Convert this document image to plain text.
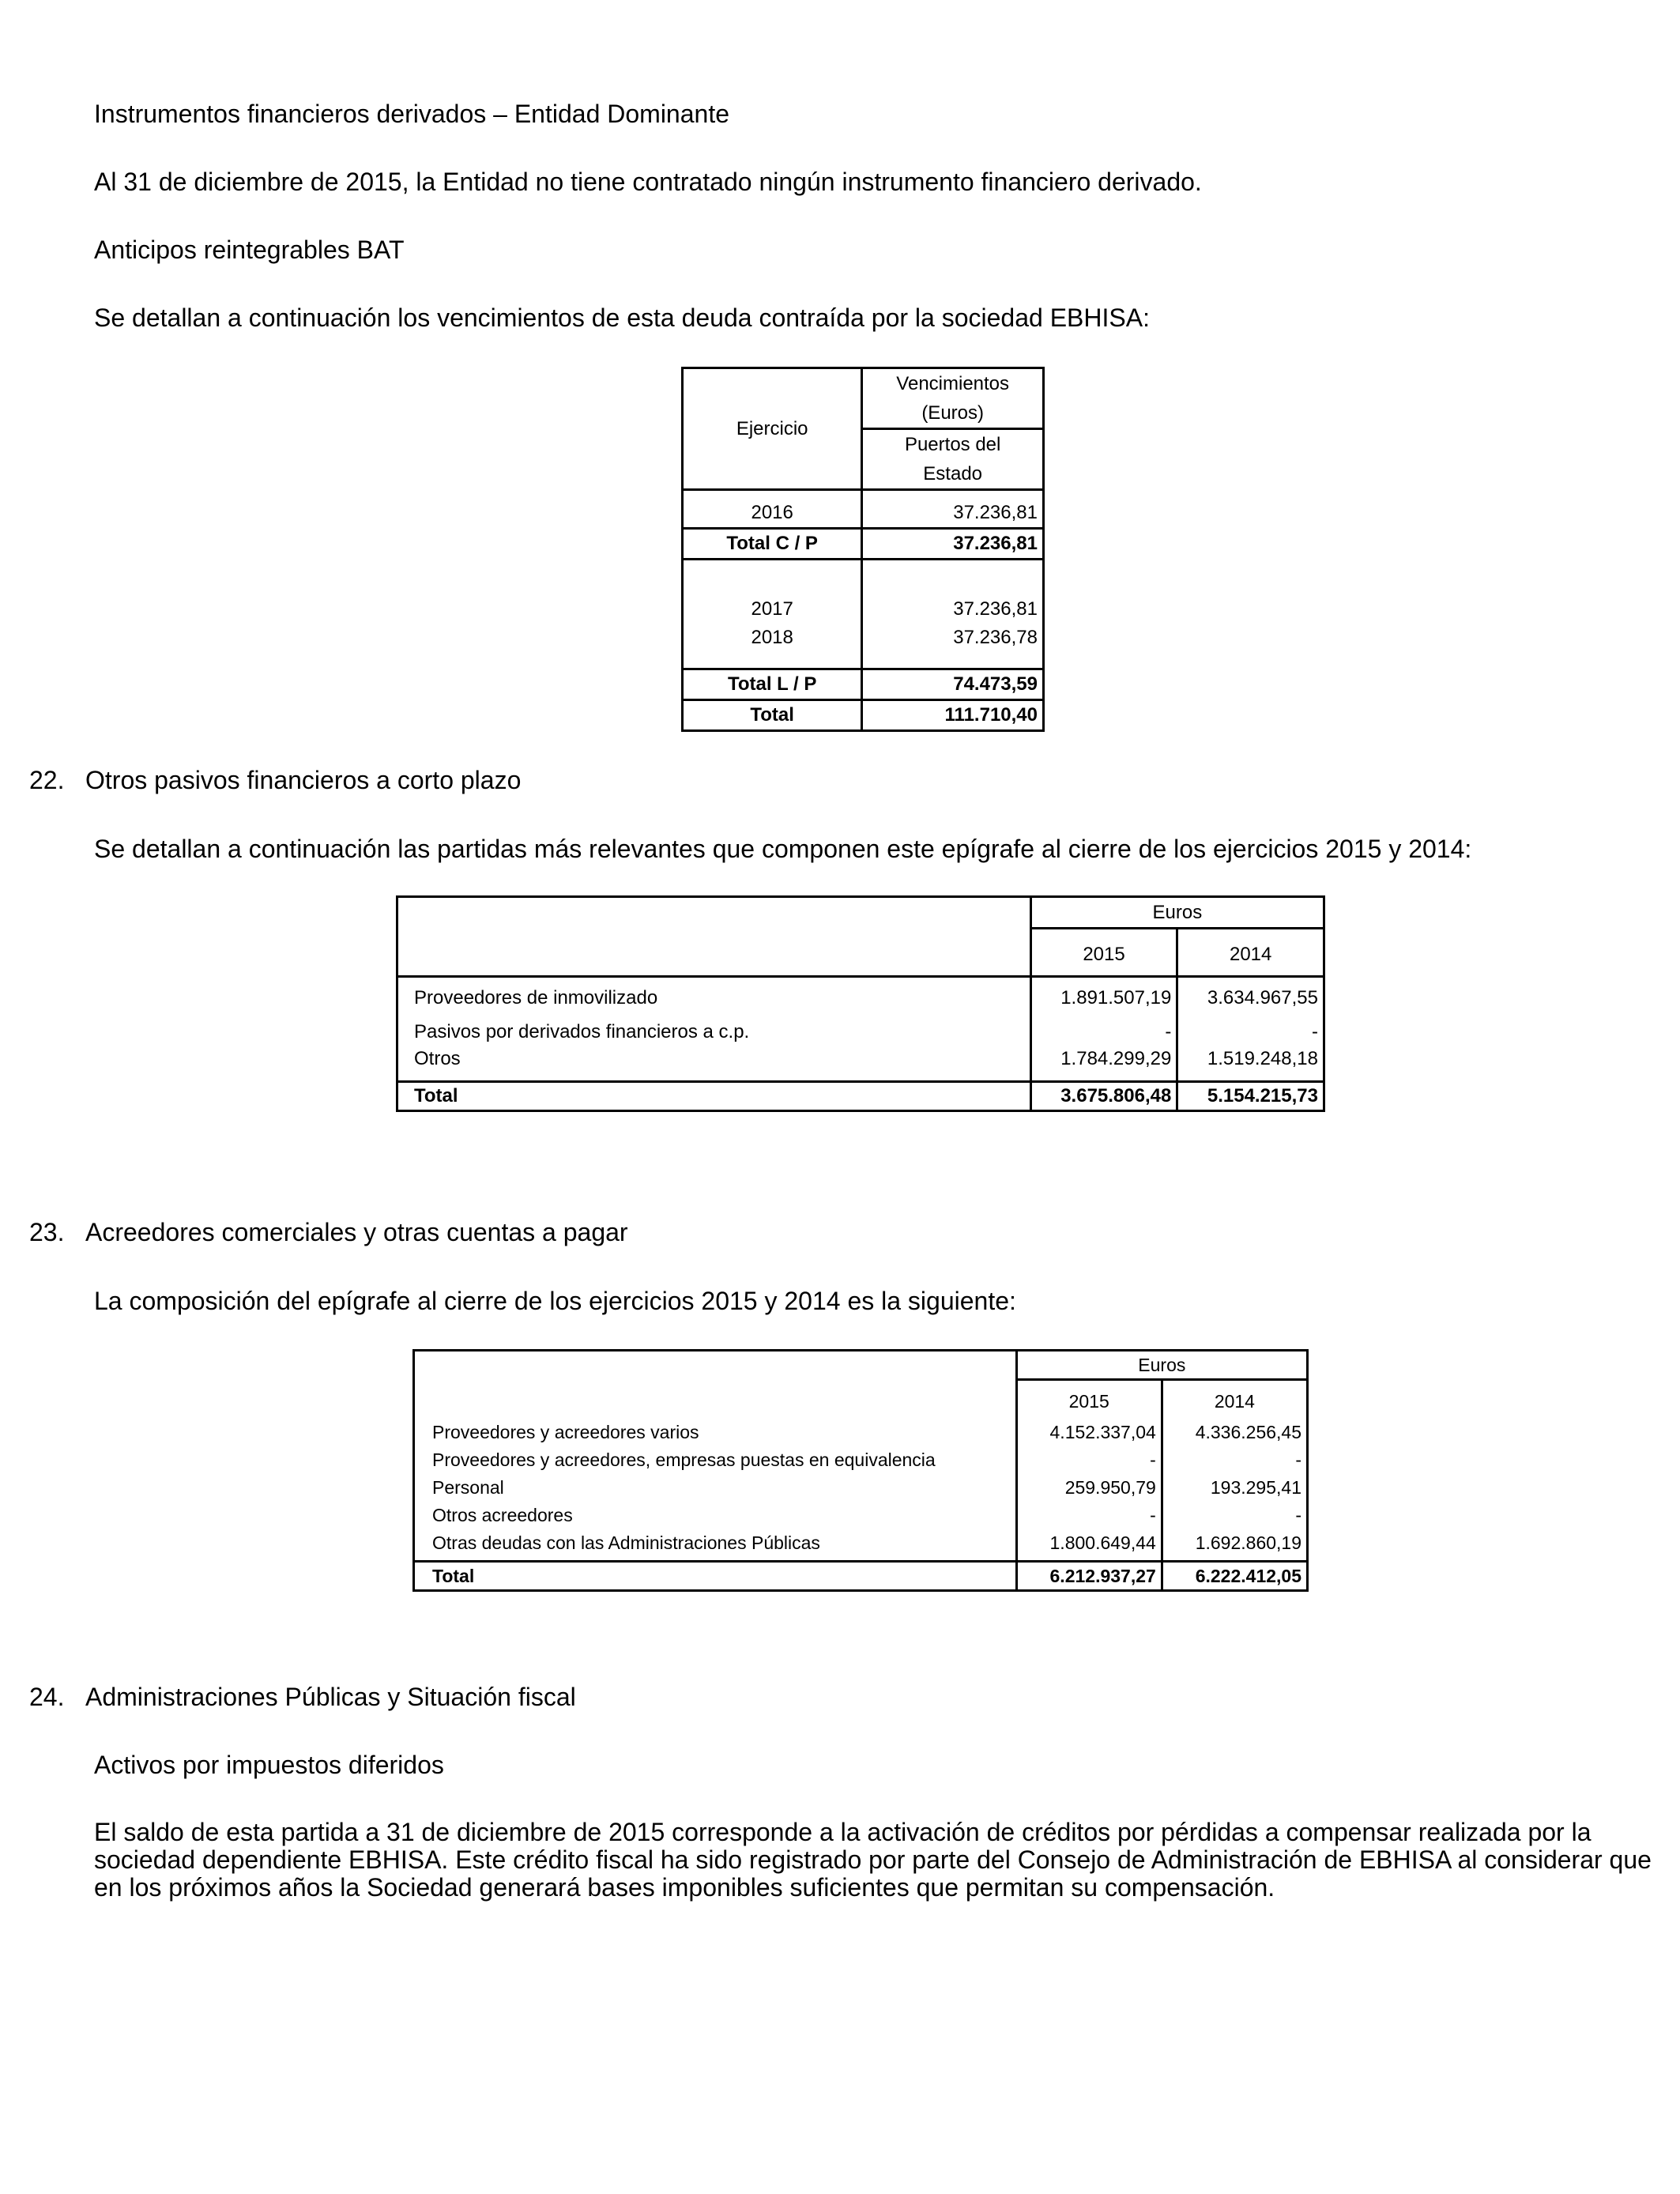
Instrumentos financieros derivados – Entidad Dominante
Al 31 de diciembre de 2015, la Entidad no tiene contratado ningún instrumento financiero derivado.
Anticipos reintegrables BAT
Se detallan a continuación los vencimientos de esta deuda contraída por la sociedad EBHISA:
Ejercicio	Vencimientos
(Euros)
	Puertos del
Estado
2016	37.236,81
Total C / P	37.236,81
2017	37.236,81
2018	37.236,78
Total L / P	74.473,59
Total	111.710,40
22. Otros pasivos financieros a corto plazo
Se detallan a continuación las partidas más relevantes que componen este epígrafe al cierre de los ejercicios 2015 y 2014:
	Euros	
	2015	2014
Proveedores de inmovilizado	1.891.507,19	3.634.967,55
Pasivos por derivados financieros a c.p.	-	-
Otros	1.784.299,29	1.519.248,18
Total	3.675.806,48	5.154.215,73
23. Acreedores comerciales y otras cuentas a pagar
La composición del epígrafe al cierre de los ejercicios 2015 y 2014 es la siguiente:
	Euros	
	2015	2014
Proveedores y acreedores varios	4.152.337,04	4.336.256,45
Proveedores y acreedores, empresas puestas en equivalencia	-	-
Personal	259.950,79	193.295,41
Otros acreedores	-	-
Otras deudas con las Administraciones Públicas	1.800.649,44	1.692.860,19
Total	6.212.937,27	6.222.412,05
24. Administraciones Públicas y Situación fiscal
Activos por impuestos diferidos
El saldo de esta partida a 31 de diciembre de 2015 corresponde a la activación de créditos por pérdidas a compensar realizada por la sociedad dependiente EBHISA. Este crédito fiscal ha sido registrado por parte del Consejo de Administración de EBHISA al considerar que en los próximos años la Sociedad generará bases imponibles suficientes que permitan su compensación.
